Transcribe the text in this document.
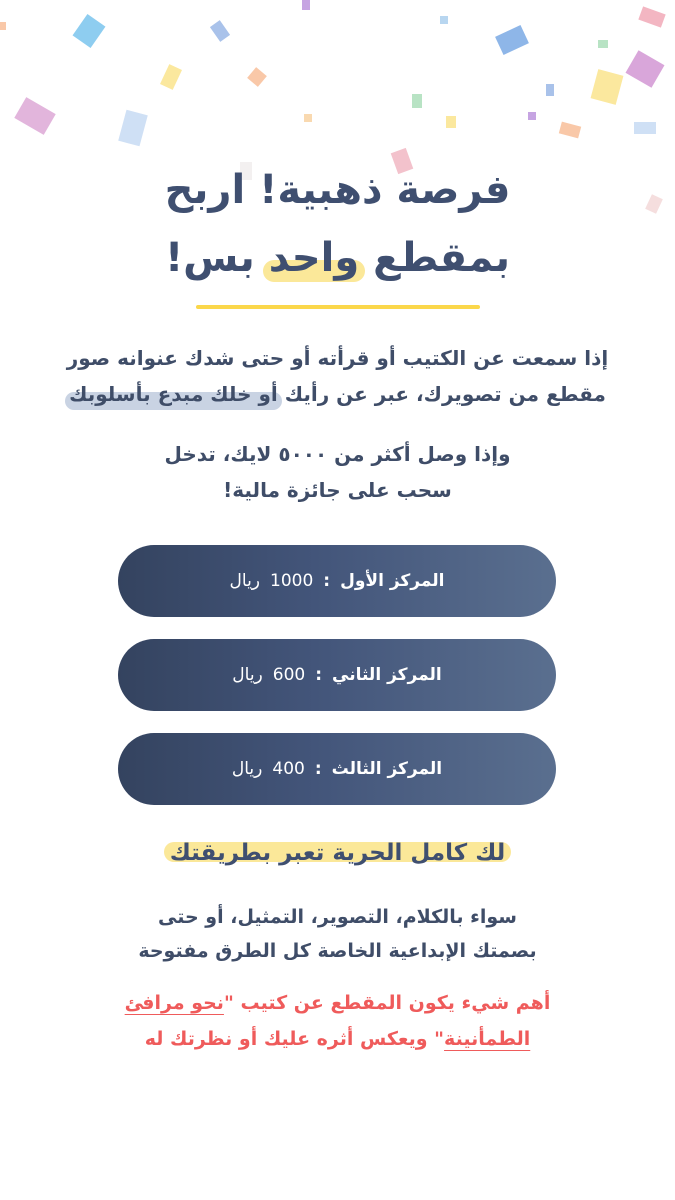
فرصة ذهبية! اربح
بمقطع واحد بس!

إذا سمعت عن الكتيب أو قرأته أو حتى شدك عنوانه صور

مقطع من تصويرك، عبر عن رأيك أو خلك مبدع بأسلوبك

وإذا وصل أكثر من ٥٠٠٠ لايك، تدخل

سحب على جائزة مالية!

المركز الأول
:
1000
ريال
المركز الثاني
:
600
ريال
المركز الثالث
:
400
ريال
لك كامل الحرية تعبر بطريقتك

سواء بالكلام، التصوير، التمثيل، أو حتى

بصمتك الإبداعية الخاصة كل الطرق مفتوحة

أهم شيء يكون المقطع عن كتيب "نحو مرافئ

الطمأنينة" ويعكس أثره عليك أو نظرتك له
